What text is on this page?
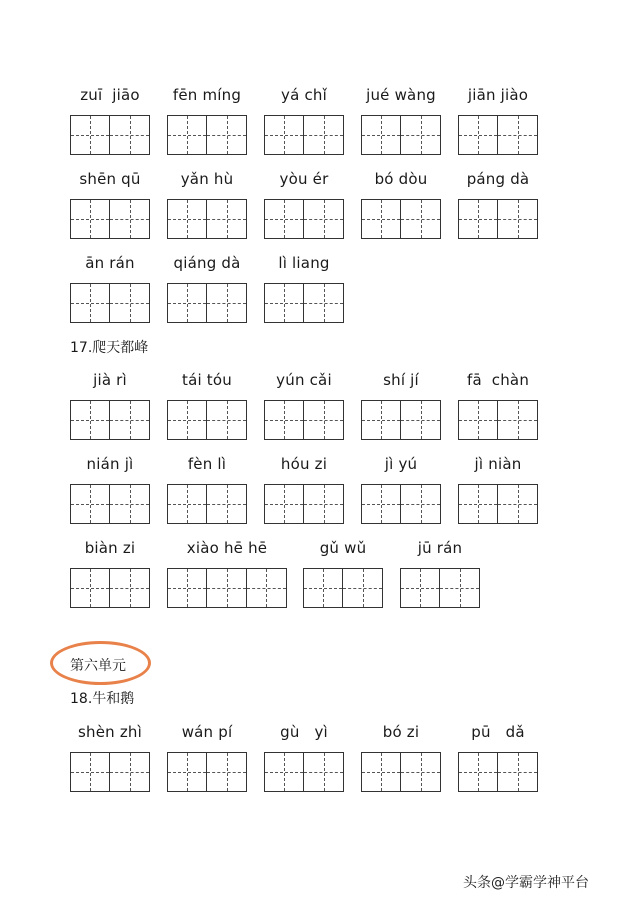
zuī  jiāo	fēn míng	yá chǐ	jué wàng	jiān jiào
shēn qū	yǎn hù	yòu ér	bó dòu	páng dà
ān rán	qiáng dà	lì liang
jià rì	tái tóu	yún cǎi	shí jí	fā  chàn
nián jì	fèn lì	hóu zi	jì yú	jì niàn
biàn zi	xiào hē hē	gǔ wǔ	jū rán
shèn zhì	wán pí	gù   yì	bó zi	pū   dǎ
17.爬天都峰
第六单元
18.牛和鹅
头条@学霸学神平台
